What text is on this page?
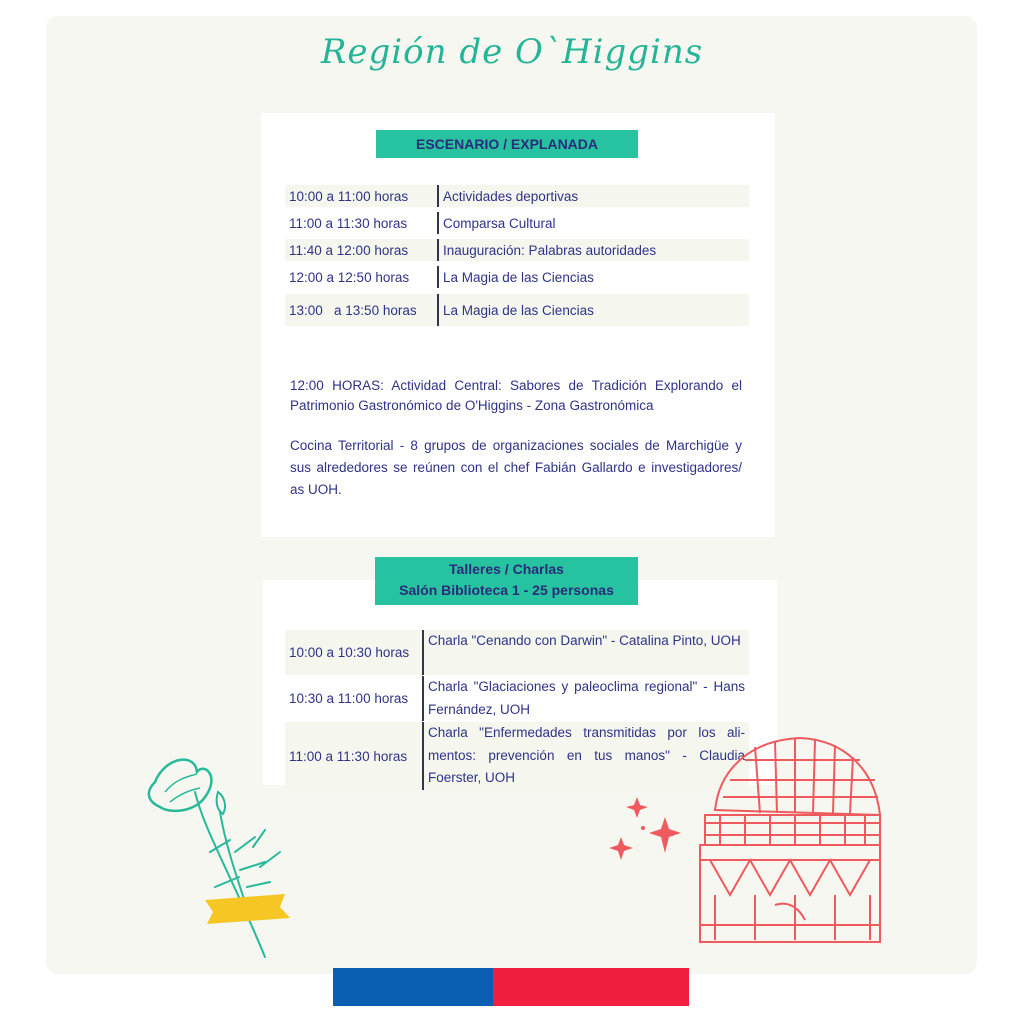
Región de O`Higgins
ESCENARIO / EXPLANADA
10:00 a 11:00 horas	Actividades deportivas
11:00 a 11:30 horas	Comparsa Cultural
11:40 a 12:00 horas	Inauguración: Palabras autoridades
12:00 a 12:50 horas	La Magia de las Ciencias
13:00   a 13:50 horas	La Magia de las Ciencias
12:00 HORAS: Actividad Central: Sabores de Tradición Explorando el Patrimonio Gastronómico de O'Higgins - Zona Gastronómica
Cocina Territorial - 8 grupos de organizaciones sociales de Marchigüe y sus alrededores se reúnen con el chef Fabián Gallardo e investigadores/ as UOH.
Talleres / Charlas
Salón Biblioteca 1 - 25 personas
10:00 a 10:30 horas
Charla "Cenando con Darwin" - Catalina Pinto, UOH
10:30 a 11:00 horas
Charla "Glaciaciones y paleoclima regional" - Hans Fernández, UOH
11:00 a 11:30 horas
Charla "Enfermedades transmitidas por los ali-mentos: prevención en tus manos" - Claudia Foerster, UOH
